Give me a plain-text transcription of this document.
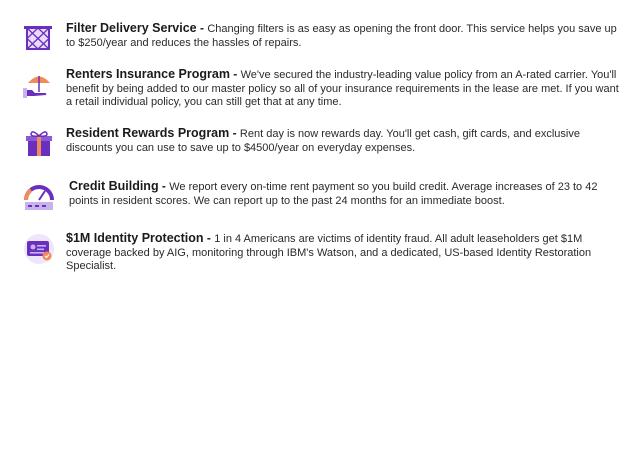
Filter Delivery Service - Changing filters is as easy as opening the front door. This service helps you save up to $250/year and reduces the hassles of repairs.
Renters Insurance Program - We've secured the industry-leading value policy from an A-rated carrier. You'll benefit by being added to our master policy so all of your insurance requirements in the lease are met. If you want a retail individual policy, you can still get that at any time.
Resident Rewards Program - Rent day is now rewards day. You'll get cash, gift cards, and exclusive discounts you can use to save up to $4500/year on everyday expenses.
Credit Building - We report every on-time rent payment so you build credit. Average increases of 23 to 42 points in resident scores. We can report up to the past 24 months for an immediate boost.
$1M Identity Protection - 1 in 4 Americans are victims of identity fraud. All adult leaseholders get $1M coverage backed by AIG, monitoring through IBM's Watson, and a dedicated, US-based Identity Restoration Specialist.
